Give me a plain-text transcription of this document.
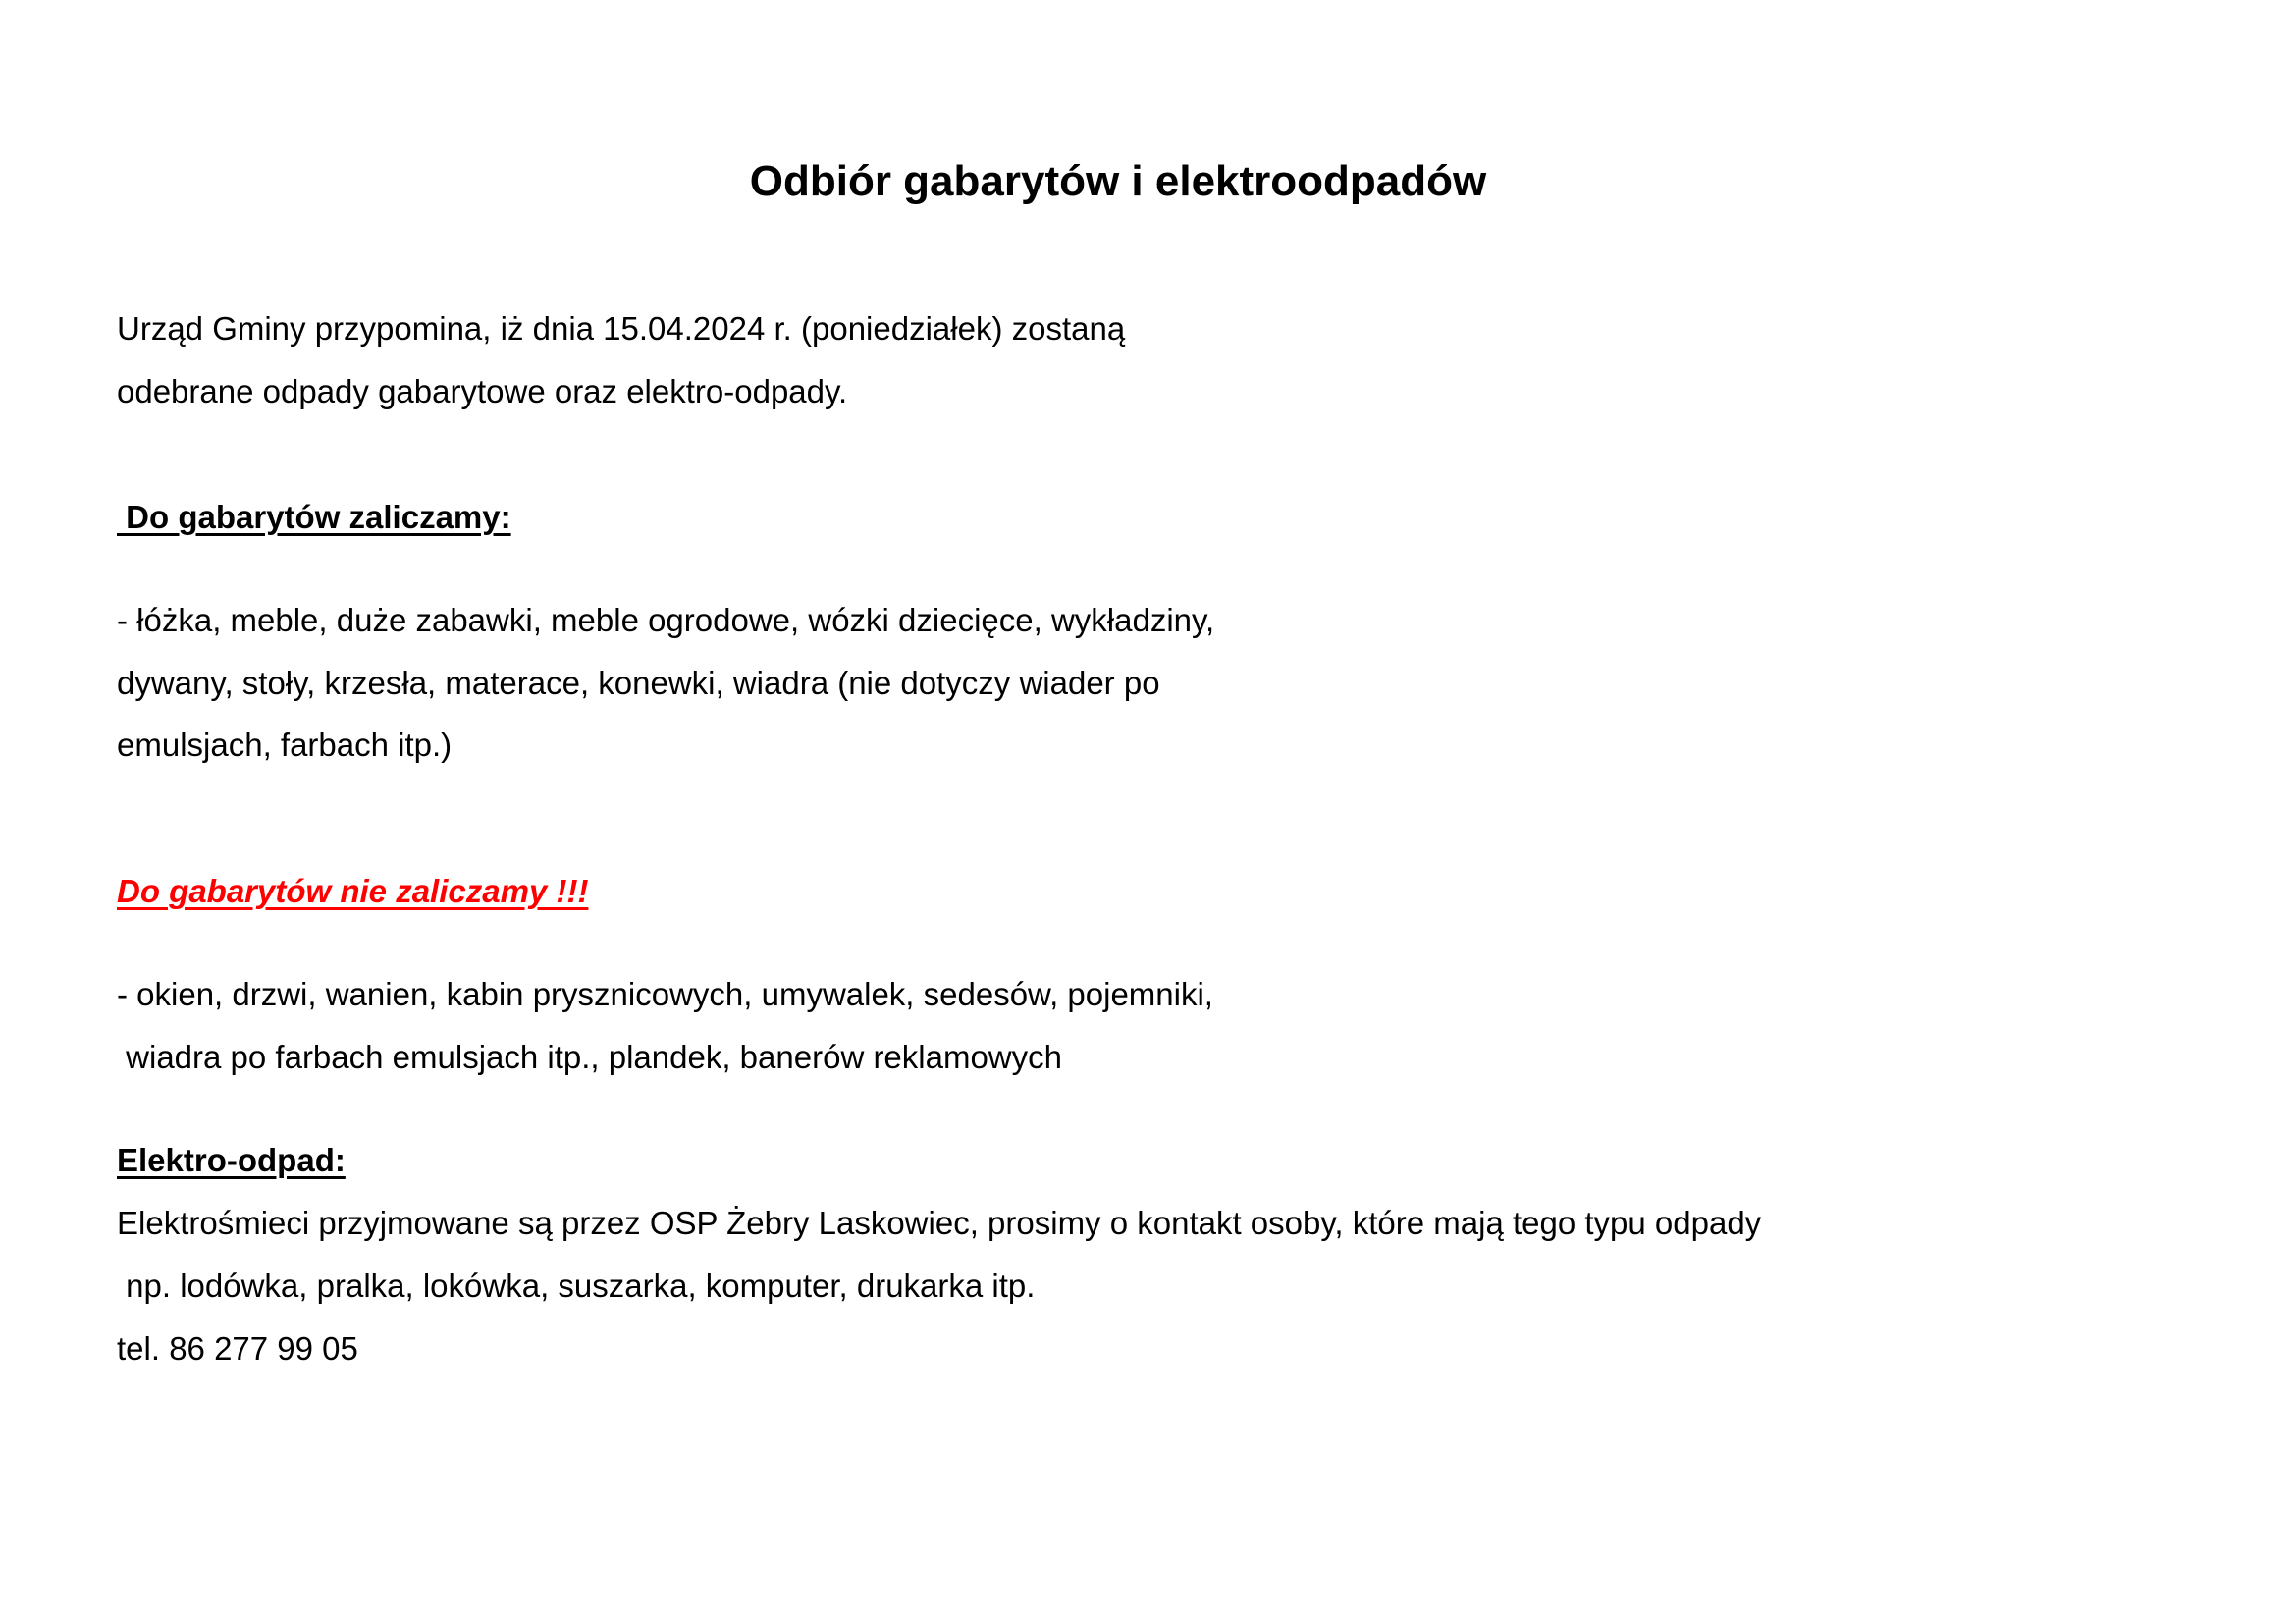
Odbiór gabarytów i elektroodpadów
Urząd Gminy przypomina, iż dnia 15.04.2024 r. (poniedziałek) zostaną
odebrane odpady gabarytowe oraz elektro-odpady.
Do gabarytów zaliczamy:
- łóżka, meble, duże zabawki, meble ogrodowe, wózki dziecięce, wykładziny,
dywany, stoły, krzesła, materace, konewki, wiadra (nie dotyczy wiader po
emulsjach, farbach itp.)
Do gabarytów nie zaliczamy !!!
- okien, drzwi, wanien, kabin prysznicowych, umywalek, sedesów, pojemniki,
wiadra po farbach emulsjach itp., plandek, banerów reklamowych
Elektro-odpad:
Elektrośmieci przyjmowane są przez OSP Żebry Laskowiec, prosimy o kontakt osoby, które mają tego typu odpady
np. lodówka, pralka, lokówka, suszarka, komputer, drukarka itp.
tel. 86 277 99 05
